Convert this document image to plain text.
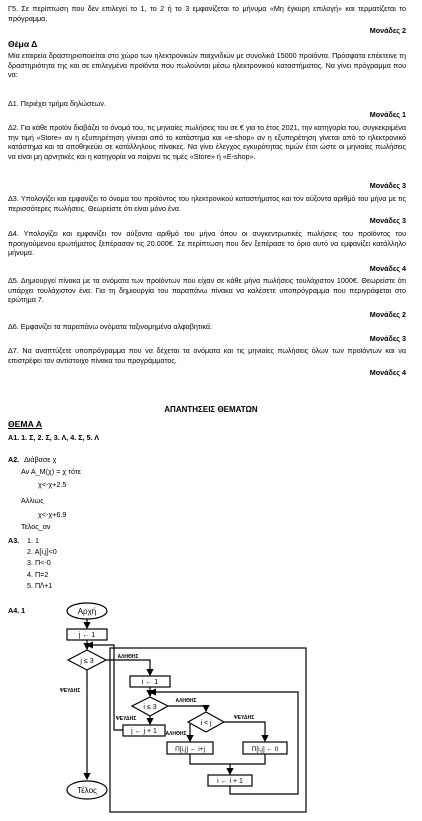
Γ5. Σε περίπτωση που δεν επιλεγεί το 1, το 2 ή το 3 εμφανίζεται το μήνυμα «Μη έγκυρη επιλογή» και τερματίζεται το πρόγραμμα.
Μονάδες 2
Θέμα Δ
Μία εταιρεία δραστηριοποιείται στο χώρο των ηλεκτρονικών παιχνιδιών με συνολικά 15000 προϊόντα. Πρόσφατα επέκτεινε τη δραστηριότητα της και σε επιλεγμένα προϊόντα που πωλούνται μέσω ηλεκτρονικού καταστήματος. Να γίνει πρόγραμμα που να:
Δ1. Περιέχει τμήμα δηλώσεων.
Μονάδες 1
Δ2. Για κάθε προϊόν διαβάζει το όνομά του, τις μηνιαίες πωλήσεις του σε € για το έτος 2021, την κατηγορία του, συγκεκριμένα την τιμή «Store» αν η εξυπηρέτηση γίνεται από το κατάστημα και «e-shop» αν η εξυπηρέτηση γίνεται από το ηλεκτρονικό κατάστημα και τα αποθηκεύει σε κατάλληλους πίνακες. Να γίνει έλεγχος εγκυρότητας τιμών έτσι ώστε οι μηνιαίες πωλήσεις να είναι μη αρνητικές και η κατηγορία να παίρνει τις τιμές «Store» ή «E-shop».
Μονάδες 3
Δ3. Υπολογίζει και εμφανίζει το όνομα του προϊόντος του ηλεκτρονικού καταστήματος και τον αύξοντα αριθμό του μήνα με τις περισσότερες πωλήσεις. Θεωρείστε ότι είναι μόνο ένα.
Μονάδες 3
Δ4. Υπολογίζει και εμφανίζει τον αύξοντα αριθμό του μήνα όπου οι συγκεντρωτικές πωλήσεις του προϊόντος του προηγούμενου ερωτήματος ξεπέρασαν τις 20.000€. Σε περίπτωση που δεν ξεπέρασε το όριο αυτό να εμφανίζει κατάλληλο μήνυμα.
Μονάδες 4
Δ5. Δημιουργεί πίνακα με τα ονόματα των προϊόντων που είχαν σε κάθε μήνα πωλήσεις τουλάχιστον 1000€. Θεωρείστε ότι υπάρχει τουλάχιστον ένα. Για τη δημιουργία του παραπάνω πίνακα να καλέσετε υποπρόγραμμα που περιγράφεται στο ερώτημα 7.
Μονάδες 2
Δ6. Εμφανίζει τα παραπάνω ονόματα ταξινομημένα αλφαβητικά.
Μονάδες 3
Δ7. Να αναπτύξετε υποπρόγραμμα που να δέχεται τα ονόματα και τις μηνιαίες πωλήσεις όλων των προϊόντων και να επιστρέφει τον αντίστοιχο πίνακα του προγράμματος.
Μονάδες 4
ΑΠΑΝΤΗΣΕΙΣ ΘΕΜΑΤΩΝ
ΘΕΜΑ Α
Α1. 1. Σ, 2. Σ, 3. Λ, 4. Σ, 5. Λ
Α2. Διάβασε χ
Αν Α_Μ(χ) = χ τότε
χ<-χ+2.5
Αλλιως
χ<-χ+6.9
Τελος_αν
Α3. 1. 1
2. Α[i,j]<0
3. Π<-0
4. Π=2
5. Π/\+1
Α4. 1	Αρχή
j ← 1
j ≤ 3
ΑΛΗΘΗΣ
ΨΕΥΔΗΣ
i ← 1
i ≤ 3
ΑΛΗΘΗΣ
ΨΕΥΔΗΣ
j ← j + 1
i < j
ΑΛΗΘΗΣ
ΨΕΥΔΗΣ
Π[i,j] ← i+j	Π[i,j] ← 0
i ← i + 1
Τέλος
